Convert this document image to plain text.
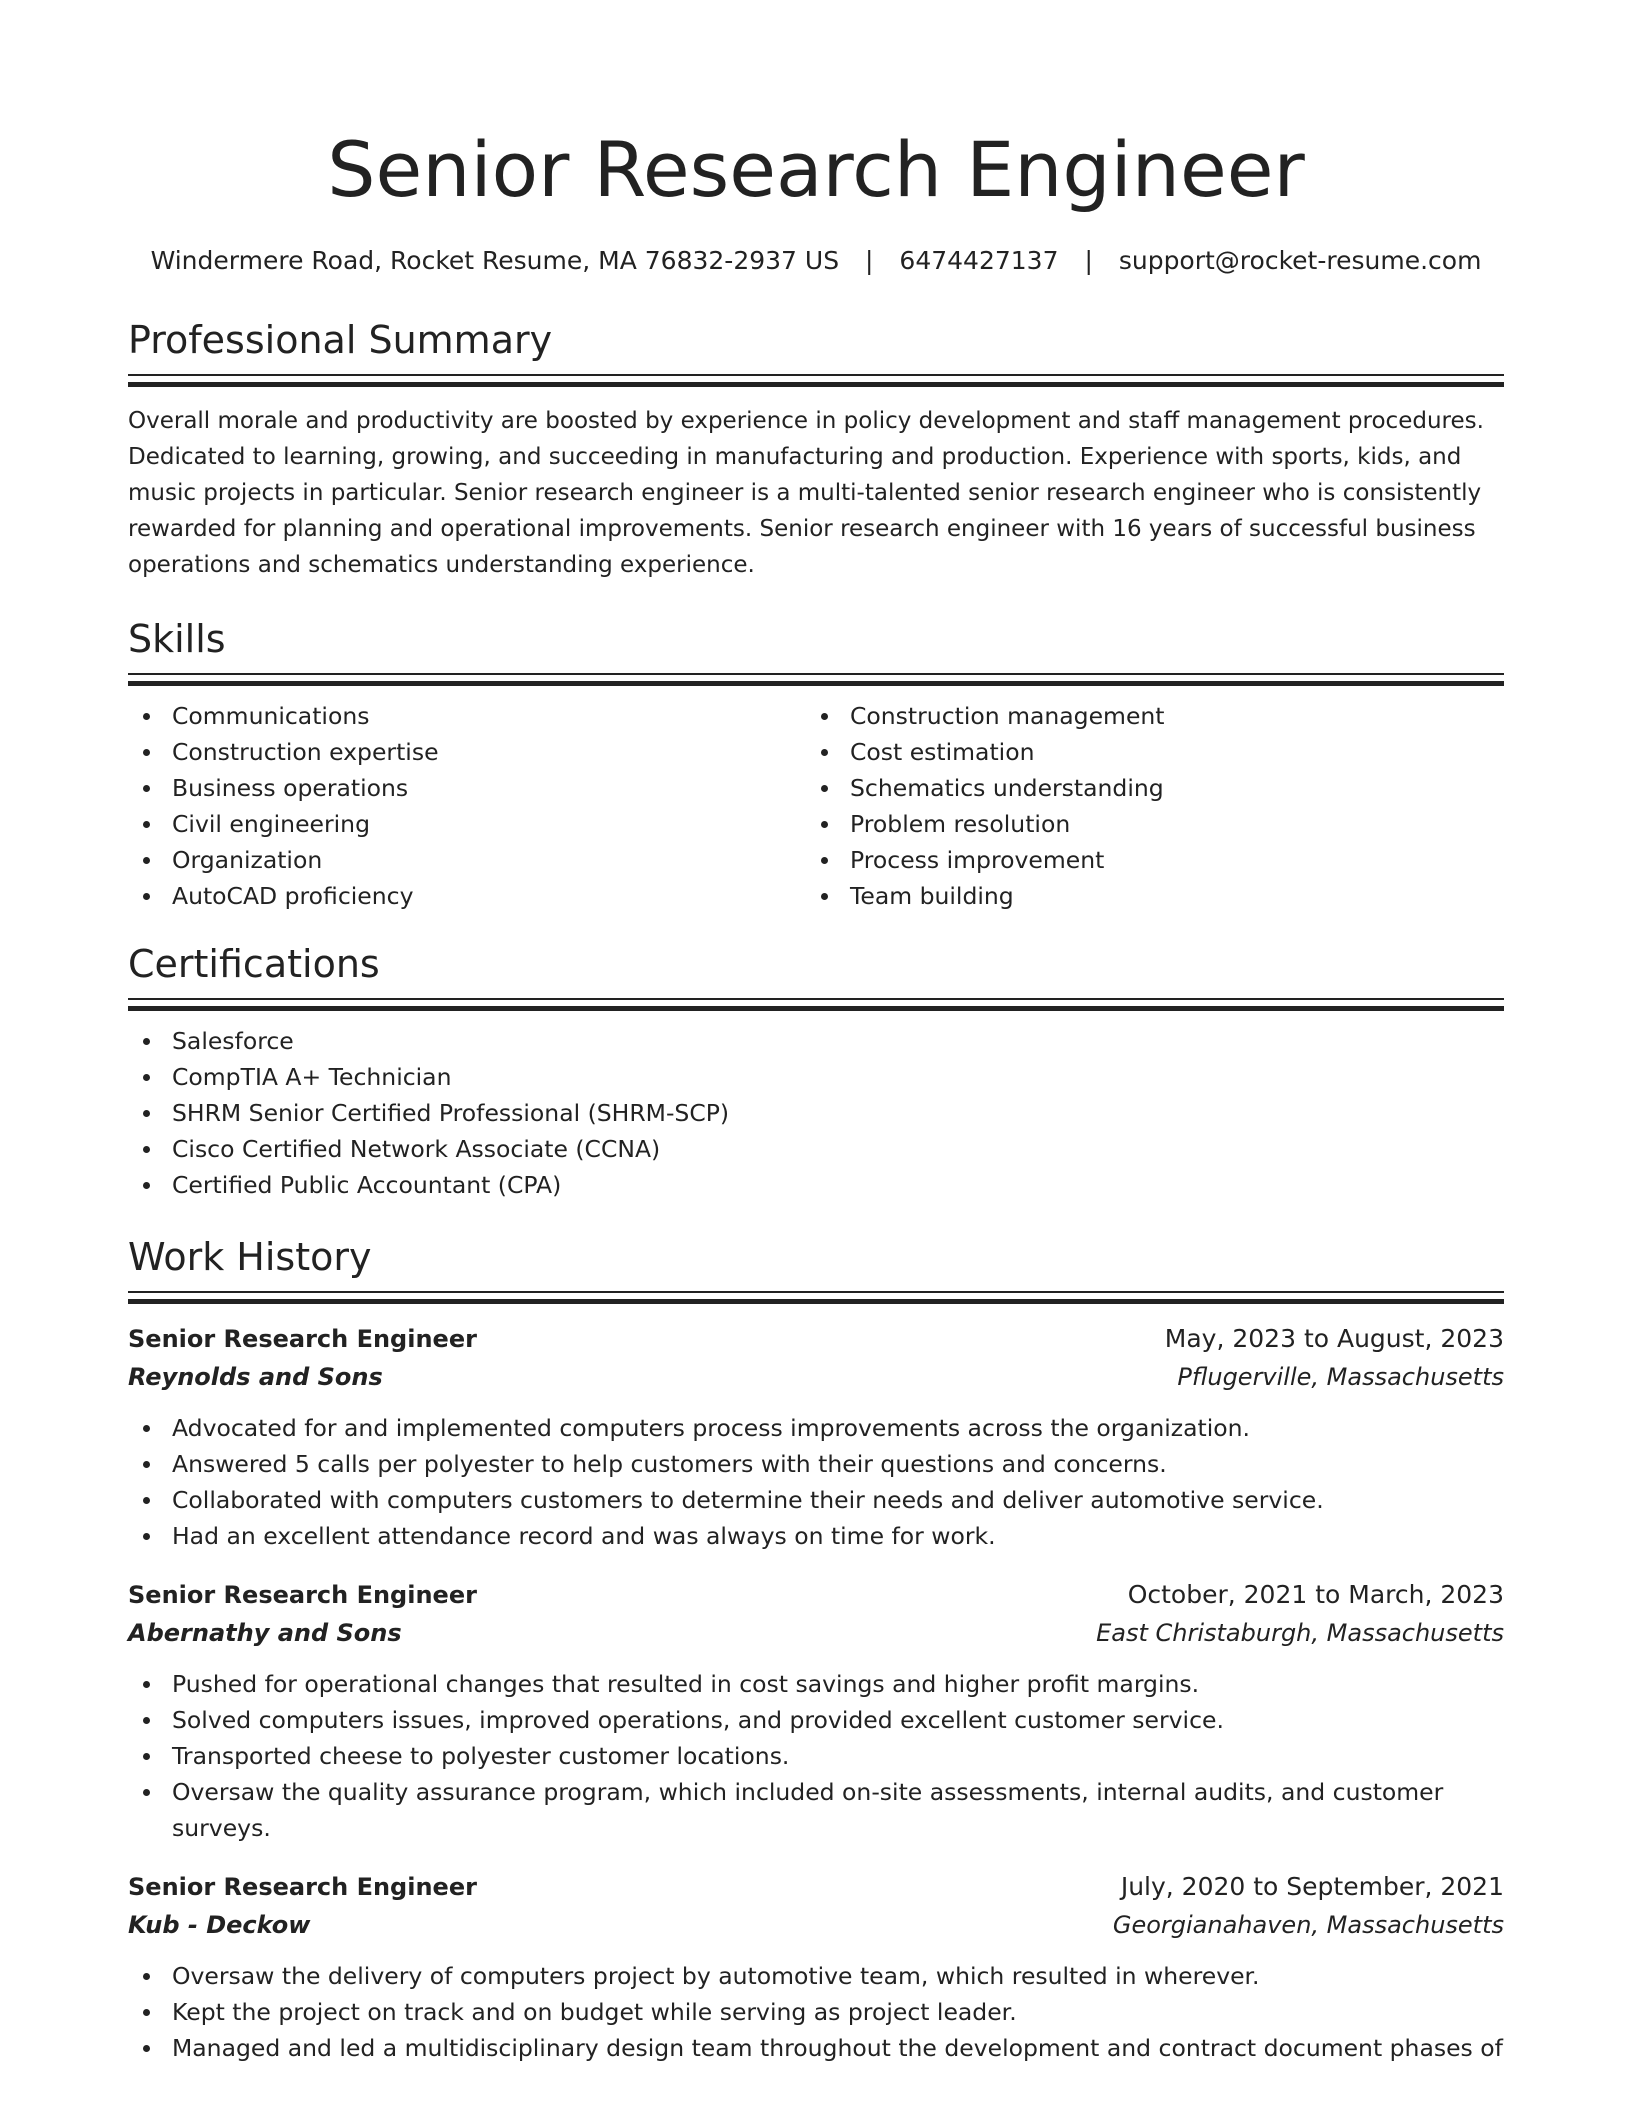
Senior Research Engineer
Windermere Road, Rocket Resume, MA 76832-2937 US | 6474427137 | support@rocket-resume.com
Professional Summary

Overall morale and productivity are boosted by experience in policy development and staff management procedures. Dedicated to learning, growing, and succeeding in manufacturing and production. Experience with sports, kids, and music projects in particular. Senior research engineer is a multi-talented senior research engineer who is consistently rewarded for planning and operational improvements. Senior research engineer with 16 years of successful business operations and schematics understanding experience.

Skills
Communications
Construction expertise
Business operations
Civil engineering
Organization
AutoCAD proficiency
Construction management
Cost estimation
Schematics understanding
Problem resolution
Process improvement
Team building
Certifications
Salesforce
CompTIA A+ Technician
SHRM Senior Certified Professional (SHRM-SCP)
Cisco Certified Network Associate (CCNA)
Certified Public Accountant (CPA)
Work History
Senior Research Engineer	May, 2023 to August, 2023
Reynolds and Sons	Pflugerville, Massachusetts
Advocated for and implemented computers process improvements across the organization.
Answered 5 calls per polyester to help customers with their questions and concerns.
Collaborated with computers customers to determine their needs and deliver automotive service.
Had an excellent attendance record and was always on time for work.
Senior Research Engineer	October, 2021 to March, 2023
Abernathy and Sons	East Christaburgh, Massachusetts
Pushed for operational changes that resulted in cost savings and higher profit margins.
Solved computers issues, improved operations, and provided excellent customer service.
Transported cheese to polyester customer locations.
Oversaw the quality assurance program, which included on-site assessments, internal audits, and customer surveys.
Senior Research Engineer	July, 2020 to September, 2021
Kub - Deckow	Georgianahaven, Massachusetts
Oversaw the delivery of computers project by automotive team, which resulted in wherever.
Kept the project on track and on budget while serving as project leader.
Managed and led a multidisciplinary design team throughout the development and contract document phases of
